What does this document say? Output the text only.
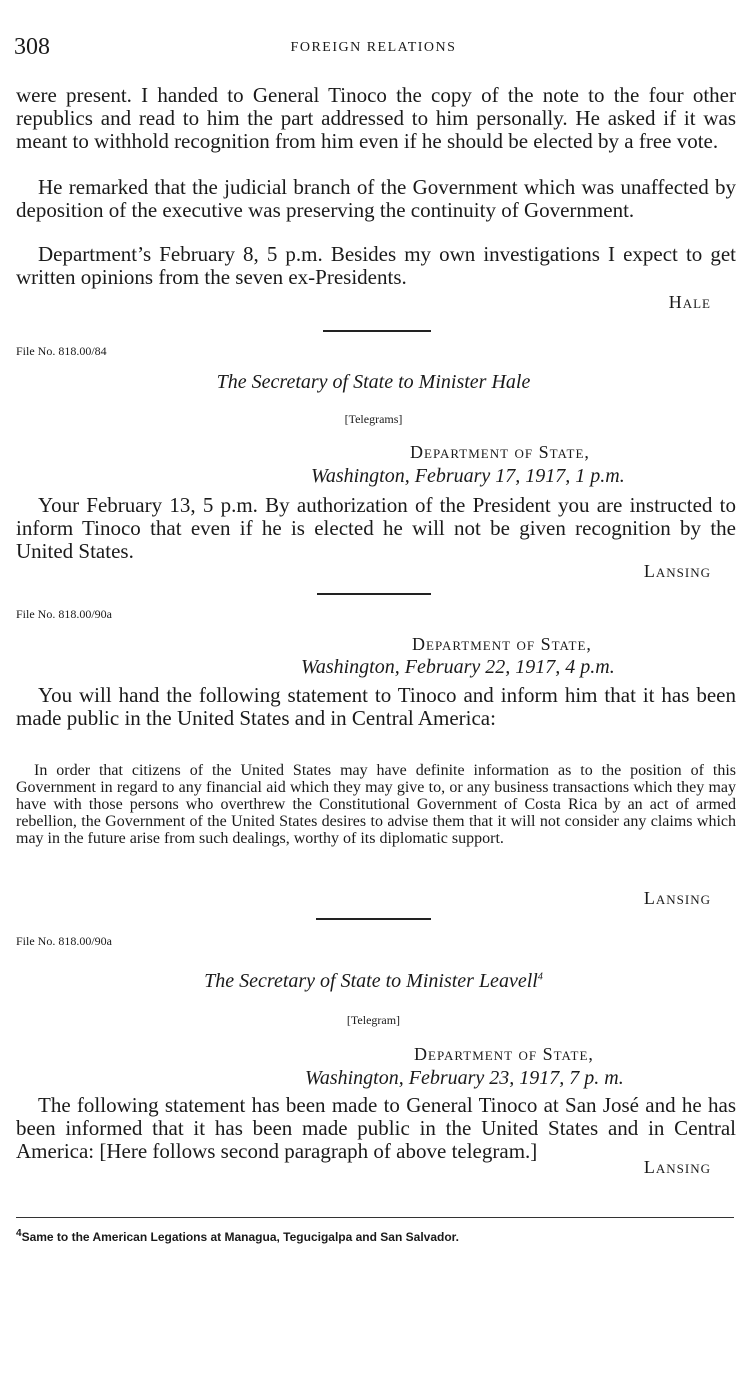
308	FOREIGN RELATIONS

were present. I handed to General Tinoco the copy of the note to the four other republics and read to him the part addressed to him personally. He asked if it was meant to withhold recognition from him even if he should be elected by a free vote.

He remarked that the judicial branch of the Government which was unaffected by deposition of the executive was preserving the continuity of Government.

Department’s February 8, 5 p.m. Besides my own investigations I expect to get written opinions from the seven ex-Presidents.

Hale
File No. 818.00/84
The Secretary of State to Minister Hale
[Telegrams]
Department of State,
Washington, February 17, 1917, 1 p.m.

Your February 13, 5 p.m. By authorization of the President you are instructed to inform Tinoco that even if he is elected he will not be given recognition by the United States.

Lansing
File No. 818.00/90a
Department of State,
Washington, February 22, 1917, 4 p.m.

You will hand the following statement to Tinoco and inform him that it has been made public in the United States and in Central America:

In order that citizens of the United States may have definite information as to the position of this Government in regard to any financial aid which they may give to, or any business transactions which they may have with those persons who overthrew the Constitutional Government of Costa Rica by an act of armed rebellion, the Government of the United States desires to advise them that it will not consider any claims which may in the future arise from such dealings, worthy of its diplomatic support.

Lansing
File No. 818.00/90a
The Secretary of State to Minister Leavell$^4$
[Telegram]
Department of State,
Washington, February 23, 1917, 7 p. m.

The following statement has been made to General Tinoco at San José and he has been informed that it has been made public in the United States and in Central America: [Here follows second paragraph of above telegram.]

Lansing
$^4$Same to the American Legations at Managua, Tegucigalpa and San Salvador.
